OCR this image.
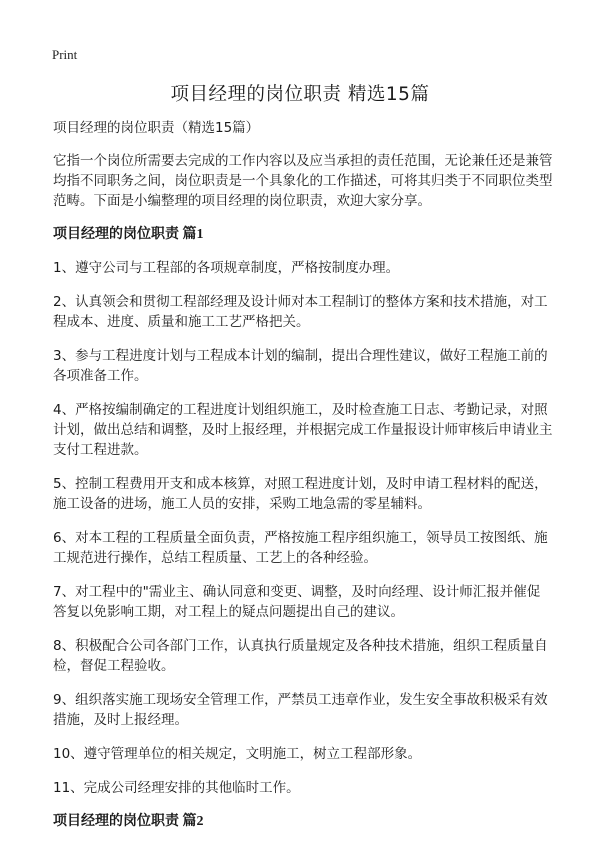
Print
项目经理的岗位职责 精选15篇

项目经理的岗位职责（精选15篇）

它指一个岗位所需要去完成的工作内容以及应当承担的责任范围，无论兼任还是兼管均指不同职务之间，岗位职责是一个具象化的工作描述，可将其归类于不同职位类型范畴。下面是小编整理的项目经理的岗位职责，欢迎大家分享。

项目经理的岗位职责 篇1

1、遵守公司与工程部的各项规章制度，严格按制度办理。

2、认真领会和贯彻工程部经理及设计师对本工程制订的整体方案和技术措施，对工程成本、进度、质量和施工工艺严格把关。

3、参与工程进度计划与工程成本计划的编制，提出合理性建议，做好工程施工前的各项准备工作。

4、严格按编制确定的工程进度计划组织施工，及时检查施工日志、考勤记录，对照计划，做出总结和调整，及时上报经理，并根据完成工作量报设计师审核后申请业主支付工程进款。

5、控制工程费用开支和成本核算，对照工程进度计划，及时申请工程材料的配送，施工设备的进场，施工人员的安排，采购工地急需的零星辅料。

6、对本工程的工程质量全面负责，严格按施工程序组织施工，领导员工按图纸、施工规范进行操作，总结工程质量、工艺上的各种经验。

7、对工程中的"需业主、确认同意和变更、调整，及时向经理、设计师汇报并催促答复以免影响工期，对工程上的疑点问题提出自己的建议。

8、积极配合公司各部门工作，认真执行质量规定及各种技术措施，组织工程质量自检，督促工程验收。

9、组织落实施工现场安全管理工作，严禁员工违章作业，发生安全事故积极采有效措施，及时上报经理。

10、遵守管理单位的相关规定，文明施工，树立工程部形象。

11、完成公司经理安排的其他临时工作。

项目经理的岗位职责 篇2
